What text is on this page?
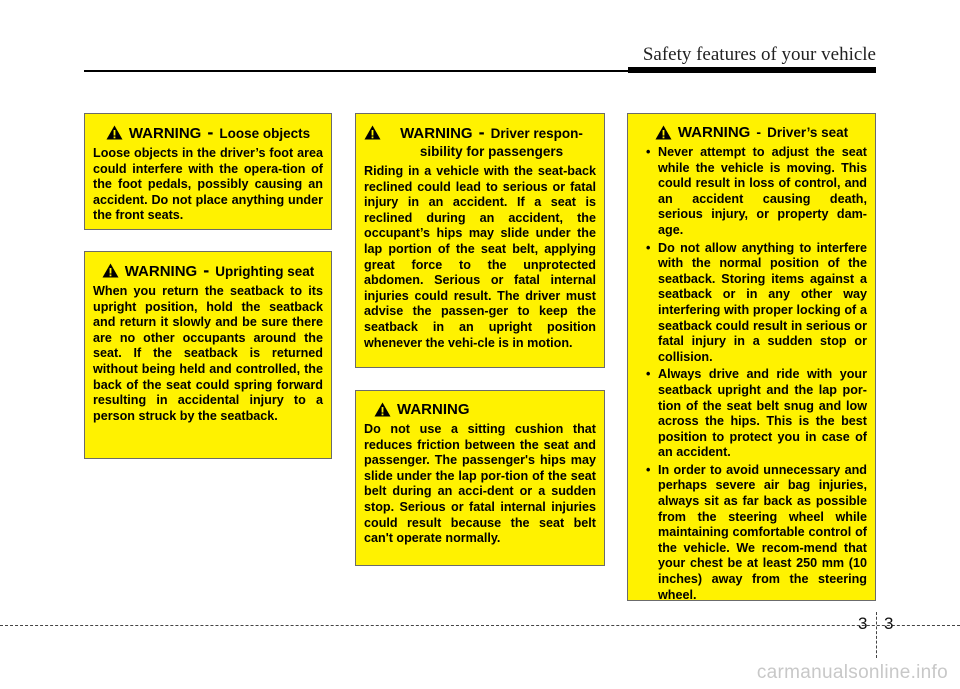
Safety features of your vehicle
WARNING - Loose objects
Loose objects in the driver’s foot area could interfere with the opera-tion of the foot pedals, possibly causing an accident. Do not place anything under the front seats.
WARNING - Uprighting seat
When you return the seatback to its upright position, hold the seatback and return it slowly and be sure there are no other occupants around the seat. If the seatback is returned without being held and controlled, the back of the seat could spring forward resulting in accidental injury to a person struck by the seatback.
WARNING - Driver respon-sibility for passengers
Riding in a vehicle with the seat-back reclined could lead to serious or fatal injury in an accident. If a seat is reclined during an accident, the occupant’s hips may slide under the lap portion of the seat belt, applying great force to the unprotected abdomen. Serious or fatal internal injuries could result. The driver must advise the passen-ger to keep the seatback in an upright position whenever the vehi-cle is in motion.
WARNING
Do not use a sitting cushion that reduces friction between the seat and passenger. The passenger's hips may slide under the lap por-tion of the seat belt during an acci-dent or a sudden stop. Serious or fatal internal injuries could result because the seat belt can't operate normally.
WARNING - Driver’s seat
• Never attempt to adjust the seat while the vehicle is moving. This could result in loss of control, and an accident causing death, serious injury, or property dam-age.
• Do not allow anything to interfere with the normal position of the seatback. Storing items against a seatback or in any other way interfering with proper locking of a seatback could result in serious or fatal injury in a sudden stop or collision.
• Always drive and ride with your seatback upright and the lap por-tion of the seat belt snug and low across the hips. This is the best position to protect you in case of an accident.
• In order to avoid unnecessary and perhaps severe air bag injuries, always sit as far back as possible from the steering wheel while maintaining comfortable control of the vehicle. We recom-mend that your chest be at least 250 mm (10 inches) away from the steering wheel.
3 3
carmanualsonline.info
